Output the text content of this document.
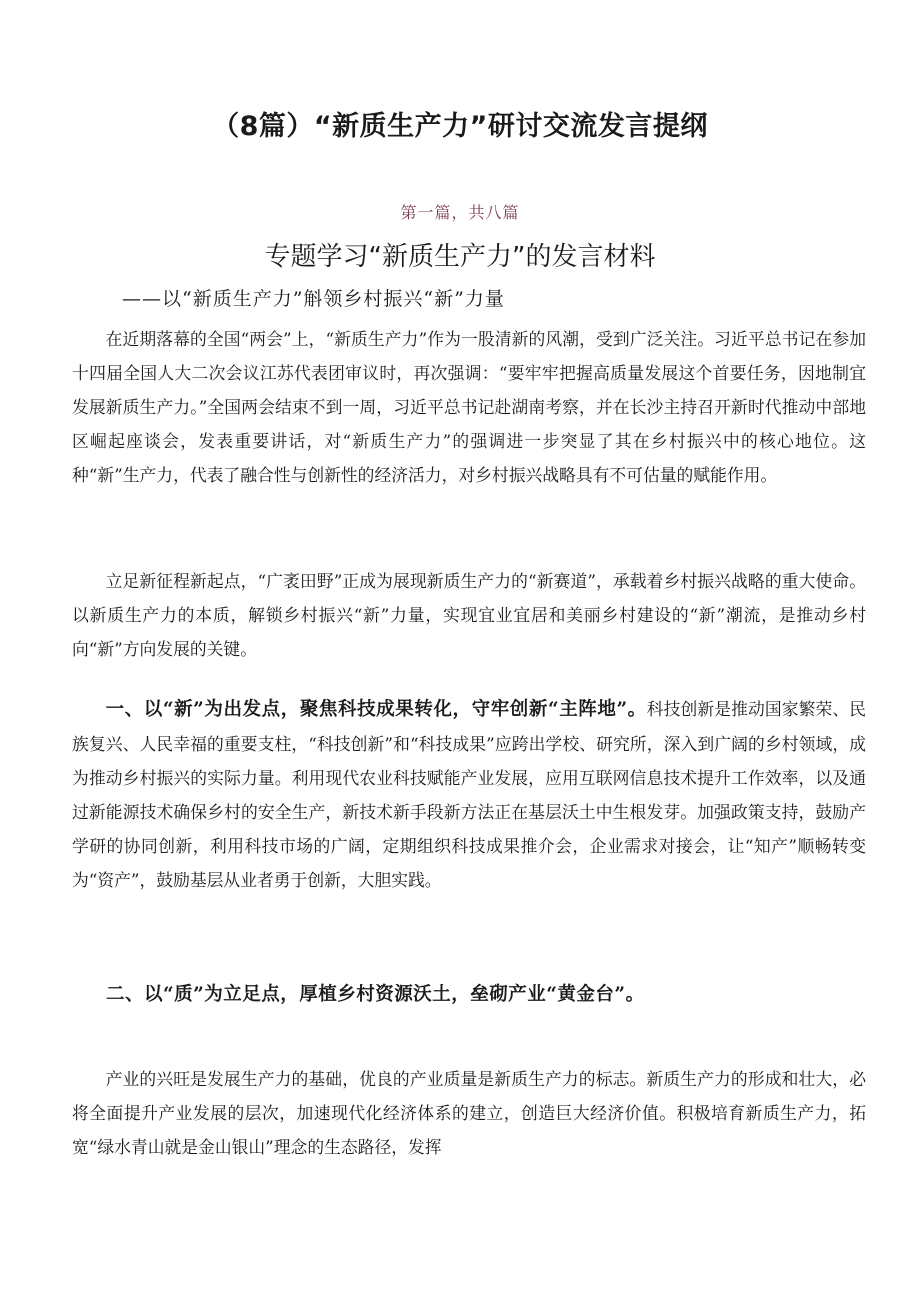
（8篇）“新质生产力”研讨交流发言提纲
第一篇，共八篇
专题学习“新质生产力”的发言材料
——以“新质生产力”斛领乡村振兴“新”力量

在近期落幕的全国“两会”上，“新质生产力”作为一股清新的风潮，受到广泛关注。习近平总书记在参加十四届全国人大二次会议江苏代表团审议时，再次强调：“要牢牢把握高质量发展这个首要任务，因地制宜发展新质生产力。”全国两会结束不到一周，习近平总书记赴湖南考察，并在长沙主持召开新时代推动中部地区崛起座谈会，发表重要讲话，对“新质生产力”的强调进一步突显了其在乡村振兴中的核心地位。这种“新”生产力，代表了融合性与创新性的经济活力，对乡村振兴战略具有不可估量的赋能作用。

立足新征程新起点，“广袤田野”正成为展现新质生产力的“新赛道”，承载着乡村振兴战略的重大使命。以新质生产力的本质，解锁乡村振兴“新”力量，实现宜业宜居和美丽乡村建设的“新”潮流，是推动乡村向“新”方向发展的关键。

一、以“新”为出发点，聚焦科技成果转化，守牢创新“主阵地”。科技创新是推动国家繁荣、民族复兴、人民幸福的重要支柱，“科技创新”和“科技成果”应跨出学校、研究所，深入到广阔的乡村领域，成为推动乡村振兴的实际力量。利用现代农业科技赋能产业发展，应用互联网信息技术提升工作效率，以及通过新能源技术确保乡村的安全生产，新技术新手段新方法正在基层沃土中生根发芽。加强政策支持，鼓励产学研的协同创新，利用科技市场的广阔，定期组织科技成果推介会，企业需求对接会，让“知产”顺畅转变为“资产”，鼓励基层从业者勇于创新，大胆实践。

二、以“质”为立足点，厚植乡村资源沃土，垒砌产业“黄金台”。

产业的兴旺是发展生产力的基础，优良的产业质量是新质生产力的标志。新质生产力的形成和壮大，必将全面提升产业发展的层次，加速现代化经济体系的建立，创造巨大经济价值。积极培育新质生产力，拓宽“绿水青山就是金山银山”理念的生态路径，发挥
